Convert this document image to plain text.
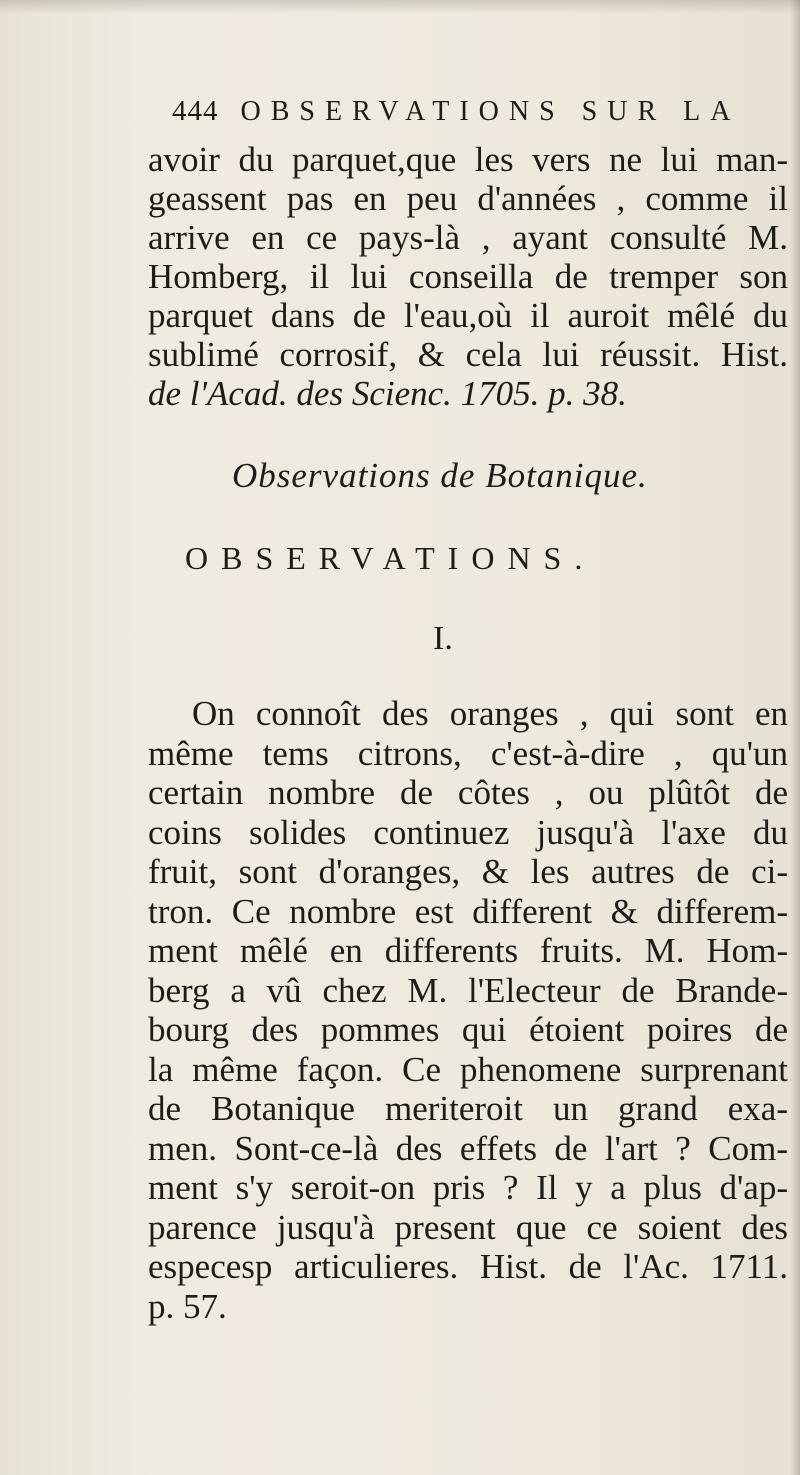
444 OBSERVATIONS SUR LA
avoir du parquet,que les vers ne lui man-
geassent pas en peu d'années , comme il
arrive en ce pays-là , ayant consulté M.
Homberg, il lui conseilla de tremper son
parquet dans de l'eau,où il auroit mêlé du
sublimé corrosif, & cela lui réussit. Hist.
de l'Acad. des Scienc. 1705. p. 38.
Observations de Botanique.
OBSERVATIONS.
I.
On connoît des oranges , qui sont en
même tems citrons, c'est-à-dire , qu'un
certain nombre de côtes , ou plûtôt de
coins solides continuez jusqu'à l'axe du
fruit, sont d'oranges, & les autres de ci-
tron. Ce nombre est different & differem-
ment mêlé en differents fruits. M. Hom-
berg a vû chez M. l'Electeur de Brande-
bourg des pommes qui étoient poires de
la même façon. Ce phenomene surprenant
de Botanique meriteroit un grand exa-
men. Sont-ce-là des effets de l'art ? Com-
ment s'y seroit-on pris ? Il y a plus d'ap-
parence jusqu'à present que ce soient des
especesp articulieres. Hist. de l'Ac. 1711.
p. 57.
